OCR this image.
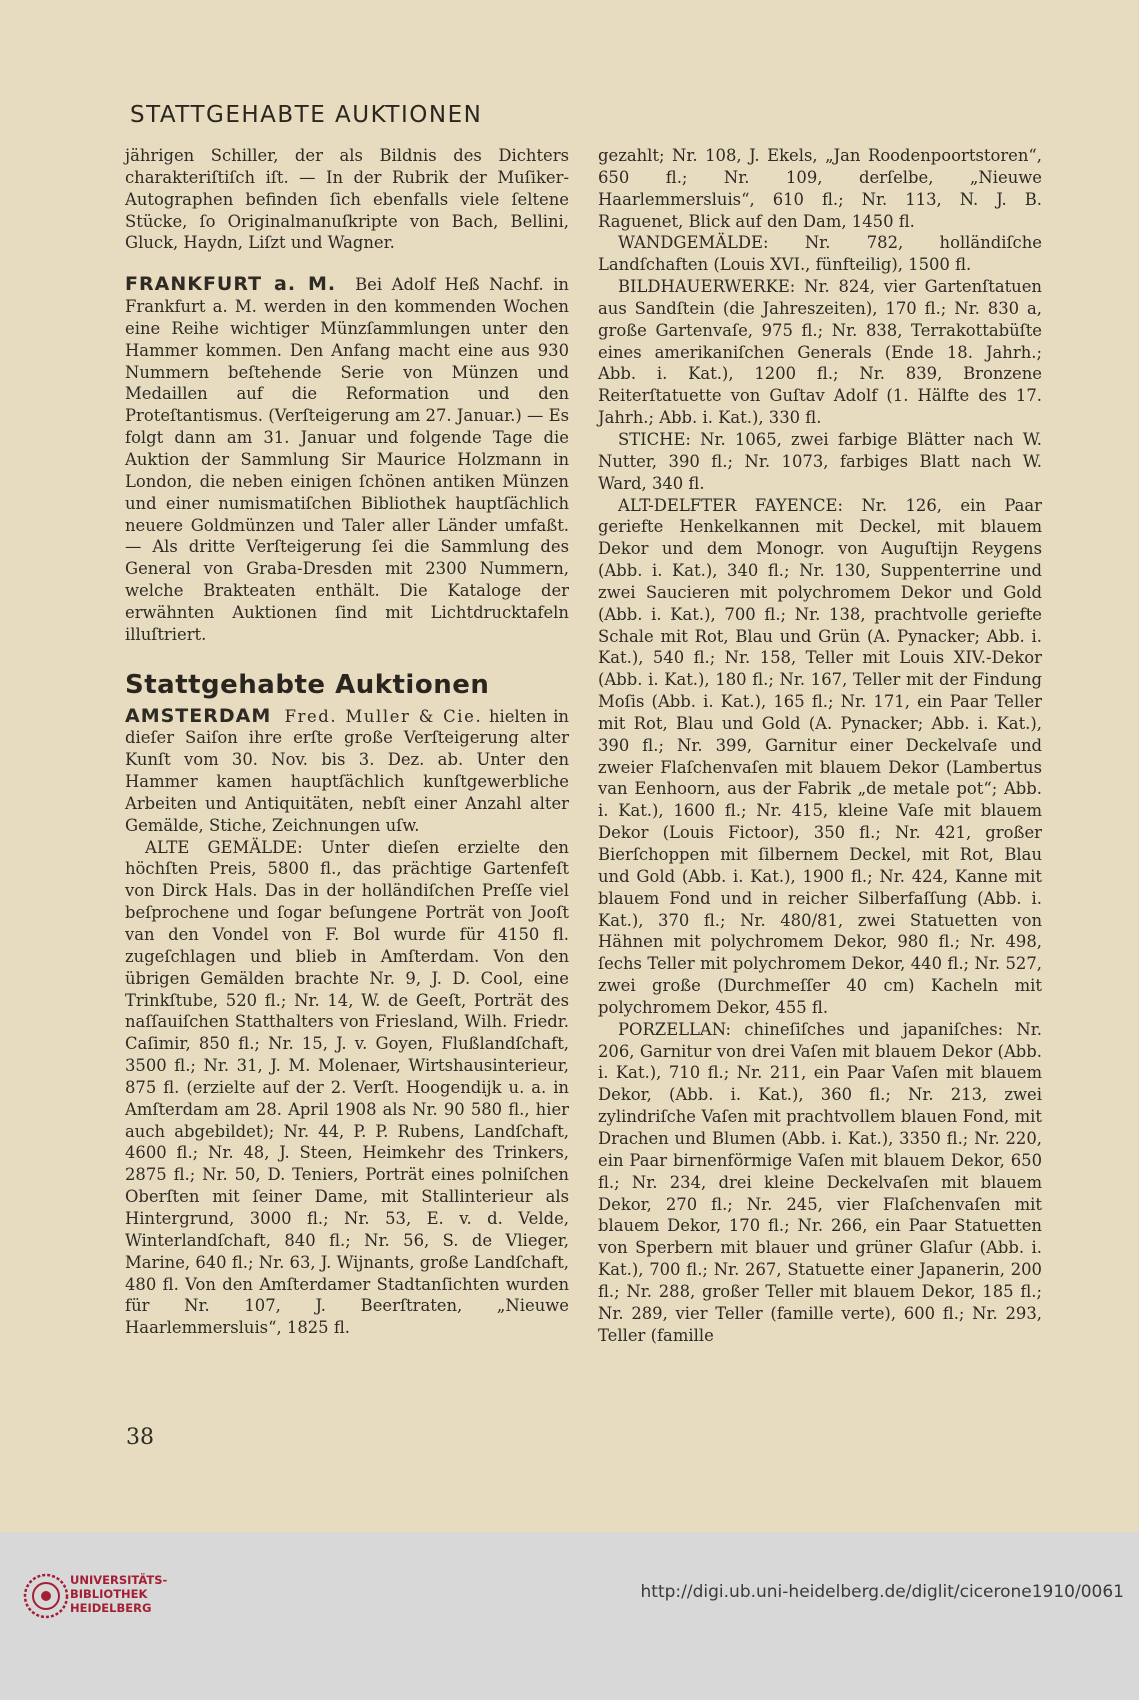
STATTGEHABTE AUKTIONEN

jährigen Schiller, der als Bildnis des Dichters charakteriſtiſch iſt. — In der Rubrik der Muſiker-Autographen befinden ſich ebenfalls viele ſeltene Stücke, ſo Originalmanuſkripte von Bach, Bellini, Gluck, Haydn, Liſzt und Wagner.

FRANKFURT a. M. Bei Adolf Heß Nachf. in Frankfurt a. M. werden in den kommenden Wochen eine Reihe wichtiger Münzſammlungen unter den Hammer kommen. Den Anfang macht eine aus 930 Nummern beſtehende Serie von Münzen und Medaillen auf die Reformation und den Proteſtantismus. (Verſteigerung am 27. Januar.) — Es folgt dann am 31. Januar und folgende Tage die Auktion der Sammlung Sir Maurice Holzmann in London, die neben einigen ſchönen antiken Münzen und einer numismatiſchen Bibliothek hauptſächlich neuere Goldmünzen und Taler aller Länder umfaßt. — Als dritte Verſteigerung ſei die Sammlung des General von Graba-Dresden mit 2300 Nummern, welche Brakteaten enthält. Die Kataloge der erwähnten Auktionen ſind mit Lichtdrucktafeln illuſtriert.

Stattgehabte Auktionen

AMSTERDAM Fred. Muller & Cie. hielten in dieſer Saiſon ihre erſte große Verſteigerung alter Kunſt vom 30. Nov. bis 3. Dez. ab. Unter den Hammer kamen hauptſächlich kunſtgewerbliche Arbeiten und Antiquitäten, nebſt einer Anzahl alter Gemälde, Stiche, Zeichnungen uſw.

ALTE GEMÄLDE: Unter dieſen erzielte den höchſten Preis, 5800 fl., das prächtige Gartenfeſt von Dirck Hals. Das in der holländiſchen Preſſe viel beſprochene und ſogar beſungene Porträt von Jooſt van den Vondel von F. Bol wurde für 4150 fl. zugeſchlagen und blieb in Amſterdam. Von den übrigen Gemälden brachte Nr. 9, J. D. Cool, eine Trinkſtube, 520 fl.; Nr. 14, W. de Geeſt, Porträt des naſſauiſchen Statthalters von Friesland, Wilh. Friedr. Caſimir, 850 fl.; Nr. 15, J. v. Goyen, Flußlandſchaft, 3500 fl.; Nr. 31, J. M. Molenaer, Wirtshausinterieur, 875 fl. (erzielte auf der 2. Verſt. Hoogendijk u. a. in Amſterdam am 28. April 1908 als Nr. 90 580 fl., hier auch abgebildet); Nr. 44, P. P. Rubens, Landſchaft, 4600 fl.; Nr. 48, J. Steen, Heimkehr des Trinkers, 2875 fl.; Nr. 50, D. Teniers, Porträt eines polniſchen Oberſten mit ſeiner Dame, mit Stallinterieur als Hintergrund, 3000 fl.; Nr. 53, E. v. d. Velde, Winterlandſchaft, 840 fl.; Nr. 56, S. de Vlieger, Marine, 640 fl.; Nr. 63, J. Wijnants, große Landſchaft, 480 fl. Von den Amſterdamer Stadtanſichten wurden für Nr. 107, J. Beerſtraten, „Nieuwe Haarlemmersluis“, 1825 fl.

gezahlt; Nr. 108, J. Ekels, „Jan Roodenpoortstoren“, 650 fl.; Nr. 109, derſelbe, „Nieuwe Haarlemmersluis“, 610 fl.; Nr. 113, N. J. B. Raguenet, Blick auf den Dam, 1450 fl.

WANDGEMÄLDE: Nr. 782, holländiſche Landſchaften (Louis XVI., fünfteilig), 1500 fl.

BILDHAUERWERKE: Nr. 824, vier Gartenſtatuen aus Sandſtein (die Jahreszeiten), 170 fl.; Nr. 830 a, große Gartenvaſe, 975 fl.; Nr. 838, Terrakottabüſte eines amerikaniſchen Generals (Ende 18. Jahrh.; Abb. i. Kat.), 1200 fl.; Nr. 839, Bronzene Reiterſtatuette von Guſtav Adolf (1. Hälfte des 17. Jahrh.; Abb. i. Kat.), 330 fl.

STICHE: Nr. 1065, zwei farbige Blätter nach W. Nutter, 390 fl.; Nr. 1073, farbiges Blatt nach W. Ward, 340 fl.

ALT-DELFTER FAYENCE: Nr. 126, ein Paar geriefte Henkelkannen mit Deckel, mit blauem Dekor und dem Monogr. von Auguſtijn Reygens (Abb. i. Kat.), 340 fl.; Nr. 130, Suppenterrine und zwei Saucieren mit polychromem Dekor und Gold (Abb. i. Kat.), 700 fl.; Nr. 138, prachtvolle geriefte Schale mit Rot, Blau und Grün (A. Pynacker; Abb. i. Kat.), 540 fl.; Nr. 158, Teller mit Louis XIV.-Dekor (Abb. i. Kat.), 180 fl.; Nr. 167, Teller mit der Findung Moſis (Abb. i. Kat.), 165 fl.; Nr. 171, ein Paar Teller mit Rot, Blau und Gold (A. Pynacker; Abb. i. Kat.), 390 fl.; Nr. 399, Garnitur einer Deckelvaſe und zweier Flaſchenvaſen mit blauem Dekor (Lambertus van Eenhoorn, aus der Fabrik „de metale pot“; Abb. i. Kat.), 1600 fl.; Nr. 415, kleine Vaſe mit blauem Dekor (Louis Fictoor), 350 fl.; Nr. 421, großer Bierſchoppen mit ſilbernem Deckel, mit Rot, Blau und Gold (Abb. i. Kat.), 1900 fl.; Nr. 424, Kanne mit blauem Fond und in reicher Silberfaſſung (Abb. i. Kat.), 370 fl.; Nr. 480/81, zwei Statuetten von Hähnen mit polychromem Dekor, 980 fl.; Nr. 498, ſechs Teller mit polychromem Dekor, 440 fl.; Nr. 527, zwei große (Durchmeſſer 40 cm) Kacheln mit polychromem Dekor, 455 fl.

PORZELLAN: chineſiſches und japaniſches: Nr. 206, Garnitur von drei Vaſen mit blauem Dekor (Abb. i. Kat.), 710 fl.; Nr. 211, ein Paar Vaſen mit blauem Dekor, (Abb. i. Kat.), 360 fl.; Nr. 213, zwei zylindriſche Vaſen mit prachtvollem blauen Fond, mit Drachen und Blumen (Abb. i. Kat.), 3350 fl.; Nr. 220, ein Paar birnenförmige Vaſen mit blauem Dekor, 650 fl.; Nr. 234, drei kleine Deckelvaſen mit blauem Dekor, 270 fl.; Nr. 245, vier Flaſchenvaſen mit blauem Dekor, 170 fl.; Nr. 266, ein Paar Statuetten von Sperbern mit blauer und grüner Glaſur (Abb. i. Kat.), 700 fl.; Nr. 267, Statuette einer Japanerin, 200 fl.; Nr. 288, großer Teller mit blauem Dekor, 185 fl.; Nr. 289, vier Teller (famille verte), 600 fl.; Nr. 293, Teller (famille

38
UNIVERSITÄTS-
BIBLIOTHEK
HEIDELBERG
http://digi.ub.uni-heidelberg.de/diglit/cicerone1910/0061
